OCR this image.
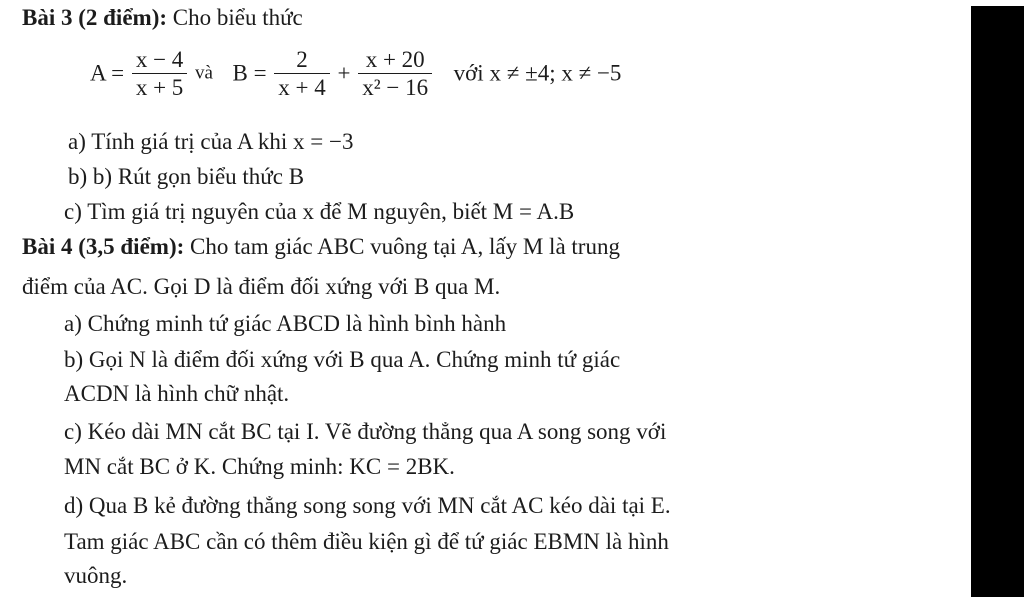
Bài 3 (2 điểm): Cho biểu thức
$A = \frac{x - 4}{x + 5}$ và $B = \frac{2}{x + 4} + \frac{x + 20}{\text{x² − 16}}$ với x ≠ ±4; x ≠ −5
a) Tính giá trị của A khi x = −3
b) b) Rút gọn biểu thức B
c) Tìm giá trị nguyên của x để M nguyên, biết M = A.B
Bài 4 (3,5 điểm): Cho tam giác ABC vuông tại A, lấy M là trung
điểm của AC. Gọi D là điểm đối xứng với B qua M.
a) Chứng minh tứ giác ABCD là hình bình hành
b) Gọi N là điểm đối xứng với B qua A. Chứng minh tứ giác
ACDN là hình chữ nhật.
c) Kéo dài MN cắt BC tại I. Vẽ đường thẳng qua A song song với
MN cắt BC ở K. Chứng minh: KC = 2BK.
d) Qua B kẻ đường thẳng song song với MN cắt AC kéo dài tại E.
Tam giác ABC cần có thêm điều kiện gì để tứ giác EBMN là hình
vuông.
